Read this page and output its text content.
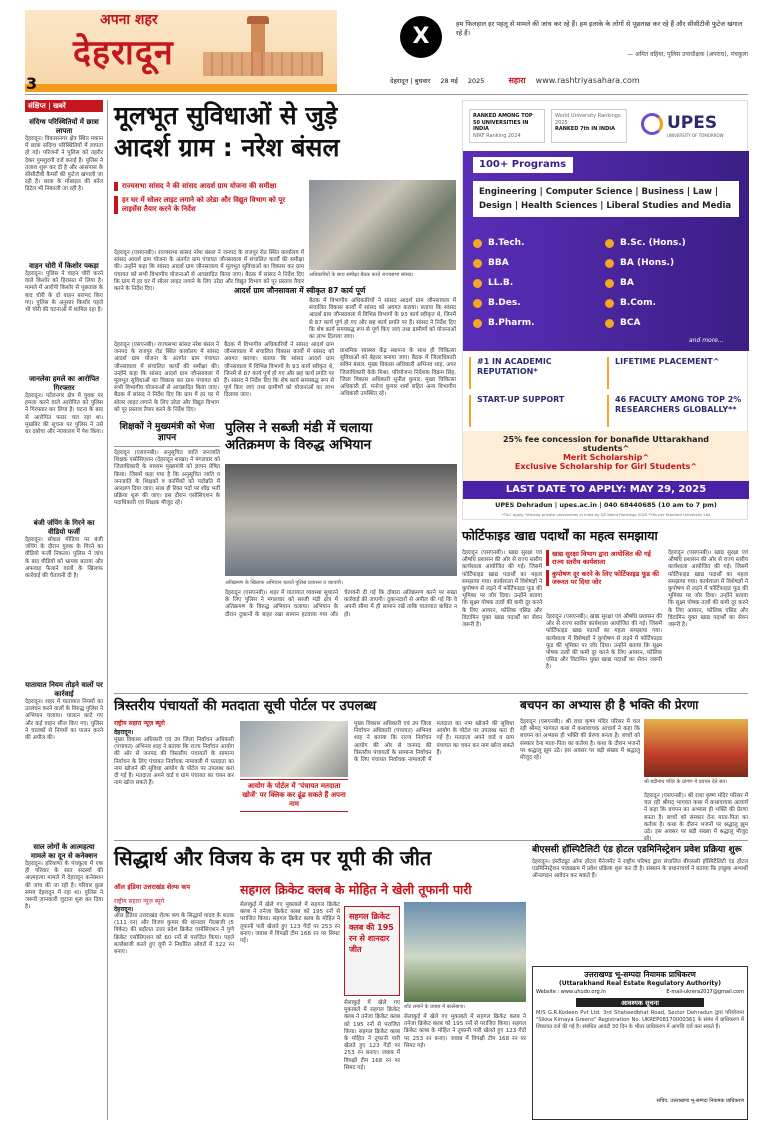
अपना शहर
देहरादून
3
X	हम फिलहाल हर पहलू से मामले की जांच कर रहे हैं। हम इलाके के लोगों से पूछताछ कर रहे हैं और सीसीटीवी फुटेज खंगाल रहे हैं।
— अमित वहिया, पुलिस उपाधीक्षक (अपराध), पंचकूला
देहरादून | बुधवार 28 मई 2025	सहारा www.rashtriyasahara.com
संक्षिप्त | खबरें
संदिग्ध परिस्थितियों में छात्रा लापता
देहरादून। विकासनगर क्षेत्र स्थित मकान में छात्रा संदिग्ध परिस्थितियों में लापता हो गई। परिजनों ने पुलिस को तहरीर देकर गुमशुदगी दर्ज कराई है। पुलिस ने तलाश शुरू कर दी है और आसपास के सीसीटीवी कैमरों की फुटेज खंगाली जा रही है। छात्रा के मोबाइल की कॉल डिटेल भी निकाली जा रही है।
वाहन चोरी में किशोर पकड़ा
देहरादून। पुलिस ने वाहन चोरी करने वाले किशोर को हिरासत में लिया है। मामले में आरोपी किशोर से पूछताछ के बाद चोरी के दो वाहन बरामद किए गए। पुलिस के अनुसार किशोर पहले भी चोरी की घटनाओं में शामिल रहा है।
जानलेवा हमले का आरोपित गिरफ्तार
देहरादून। पटेलनगर क्षेत्र में युवक पर हमला करने वाले आरोपित को पुलिस ने गिरफ्तार कर लिया है। घटना के बाद से आरोपित फरार चल रहा था। मुखबिर की सूचना पर पुलिस ने उसे धर दबोचा और न्यायालय में पेश किया।
बंजी जंपिंग के गिरने का वीडियो फर्जी
देहरादून। सोशल मीडिया पर बंजी जंपिंग के दौरान युवक के गिरने का वीडियो फर्जी निकला। पुलिस ने जांच के बाद वीडियो को भ्रामक बताया और अफवाह फैलाने वालों के खिलाफ कार्रवाई की चेतावनी दी है।
यातायात नियम तोड़ने वालों पर कार्रवाई
देहरादून। शहर में यातायात नियमों का उल्लंघन करने वालों के विरुद्ध पुलिस ने अभियान चलाया। चालान काटे गए और कई वाहन सीज किए गए। पुलिस ने चालकों से नियमों का पालन करने की अपील की।
साल लोगों के आत्महत्या मामले का दून से कनेक्शन
देहरादून। हरियाणा के पंचकूला में एक ही परिवार के सात सदस्यों की आत्महत्या मामले में देहरादून कनेक्शन की जांच की जा रही है। परिवार कुछ समय देहरादून में रहा था। पुलिस ने जरूरी जानकारी जुटाना शुरू कर दिया है।
मूलभूत सुविधाओं से जुड़े
आदर्श ग्राम : नरेश बंसल
राज्यसभा सांसद ने की सांसद आदर्श ग्राम योजना की समीक्षा
हर घर में सोलर लाइट लगाने को उरेडा और विद्युत विभाग को पूर लाइसेंस तैयार करने के निर्देश
अधिकारियों के साथ समीक्षा बैठक करते राज्यसभा सांसद।
देहरादून (एसएनबी)। राज्यसभा सांसद नरेश बंसल ने जनपद के राजपुर रोड स्थित कार्यालय में सांसद आदर्श ग्राम योजना के अंतर्गत ग्राम पंचायत जौनसावला में संचालित कार्यों की समीक्षा की। उन्होंने कहा कि सांसद आदर्श ग्राम जौनसावला में मूलभूत सुविधाओं का विकास कर ग्राम पंचायत को सभी विभागीय योजनाओं से आच्छादित किया जाए। बैठक में सांसद ने निर्देश दिए कि ग्राम में हर घर में सोलर लाइट लगाने के लिए उरेडा और विद्युत विभाग को पूर प्रस्ताव तैयार करने के निर्देश दिए।	आदर्श ग्राम जौनसावला में स्वीकृत 87 कार्य पूर्ण
बैठक में विभागीय अधिकारियों ने सांसद आदर्श ग्राम जौनसावला में संचालित विकास कार्यों में सांसद को अवगत कराया। बताया कि सांसद आदर्श ग्राम जौनसावला में विभिन्न विभागों के 93 कार्य स्वीकृत थे, जिनमें से 87 कार्य पूर्ण हो गए और छह कार्य प्रगति पर हैं। सांसद ने निर्देश दिए कि शेष कार्य समयबद्ध रूप से पूर्ण किए जाएं तथा ग्रामीणों को योजनाओं का लाभ दिलाया जाए।
देहरादून (एसएनबी)। राज्यसभा सांसद नरेश बंसल ने जनपद के राजपुर रोड स्थित कार्यालय में सांसद आदर्श ग्राम योजना के अंतर्गत ग्राम पंचायत जौनसावला में संचालित कार्यों की समीक्षा की। उन्होंने कहा कि सांसद आदर्श ग्राम जौनसावला में मूलभूत सुविधाओं का विकास कर ग्राम पंचायत को सभी विभागीय योजनाओं से आच्छादित किया जाए। बैठक में सांसद ने निर्देश दिए कि ग्राम में हर घर में सोलर लाइट लगाने के लिए उरेडा और विद्युत विभाग को पूर प्रस्ताव तैयार करने के निर्देश दिए।
बैठक में विभागीय अधिकारियों ने सांसद आदर्श ग्राम जौनसावला में संचालित विकास कार्यों में सांसद को अवगत कराया। बताया कि सांसद आदर्श ग्राम जौनसावला में विभिन्न विभागों के 93 कार्य स्वीकृत थे, जिनमें से 87 कार्य पूर्ण हो गए और छह कार्य प्रगति पर हैं। सांसद ने निर्देश दिए कि शेष कार्य समयबद्ध रूप से पूर्ण किए जाएं तथा ग्रामीणों को योजनाओं का लाभ दिलाया जाए।
प्राथमिक स्वास्थ्य केंद्र स्थापना के साथ ही चिकित्सा सुविधाओं को बेहतर बनाया जाए। बैठक में जिलाधिकारी सविन बंसल, मुख्य विकास अधिकारी अभिनव शाह, अपर जिलाधिकारी केके मिश्रा, परियोजना निदेशक विक्रम सिंह, जिला विकास अधिकारी सुनील कुमार, मुख्य चिकित्सा अधिकारी डॉ. मनोज कुमार शर्मा सहित अन्य विभागीय अधिकारी उपस्थित रहे।
RANKED AMONG TOP 50 UNIVERSITIES IN INDIA
NIRF Ranking 2024
World University Rankings 2025
RANKED 7th IN INDIA	UPES
UNIVERSITY OF TOMORROW
100+ Programs
Engineering | Computer Science | Business | Law | Design | Health Sciences | Liberal Studies and Media
B.Tech.
BBA
LL.B.
B.Des.
B.Pharm.
B.Sc. (Hons.)
BA (Hons.)
BA
B.Com.
BCA
and more...
#1 IN ACADEMIC REPUTATION*
LIFETIME PLACEMENT^
START-UP SUPPORT	46 FACULTY AMONG TOP 2% RESEARCHERS GLOBALLY**
25% fee concession for bonafide Uttarakhand students^
Merit Scholarship^
Exclusive Scholarship for Girl Students^
LAST DATE TO APPLY: MAY 29, 2025
UPES Dehradun | upes.ac.in | 040 68440685 (10 am to 7 pm)
*T&C apply. *Among private universities in India by QS World Rankings 2025 **As per Stanford University List
शिक्षकों ने मुख्यमंत्री को भेजा ज्ञापन
देहरादून (एसएनबी)। अनुसूचित जाति जनजाति शिक्षक एसोसिएशन (देहरादून शाखा) ने मंगलवार को जिलाधिकारी के माध्यम मुख्यमंत्री को ज्ञापन प्रेषित किया। जिसमें कहा गया है कि अनुसूचित जाति व जनजाति के शिक्षकों व कार्मिकों को पदोन्नति में आरक्षण दिया जाए। साथ ही रिक्त पदों पर शीघ्र भर्ती प्रक्रिया शुरू की जाए। इस दौरान एसोसिएशन के पदाधिकारी एवं शिक्षक मौजूद रहे।
पुलिस ने सब्जी मंडी में चलाया
अतिक्रमण के विरुद्ध अभियान
अतिक्रमण के खिलाफ अभियान चलाते पुलिस प्रशासन व व्यापारी।
देहरादून (एसएनबी)। शहर में यातायात व्यवस्था सुधारने के लिए पुलिस ने मंगलवार को सब्जी मंडी क्षेत्र में अतिक्रमण के विरुद्ध अभियान चलाया। अभियान के दौरान दुकानों के बाहर रखा सामान हटवाया गया और चेतावनी दी गई कि दोबारा अतिक्रमण करने पर सख्त कार्रवाई की जाएगी। दुकानदारों से अपील की गई कि वे अपनी सीमा में ही सामान रखें ताकि यातायात बाधित न हो।
फोर्टिफाइड खाद्य पदार्थों का महत्व समझाया
खाद्य सुरक्षा विभाग द्वारा आयोजित की गई राज्य स्तरीय कार्यशाला
कुपोषण दूर करने के लिए फोर्टिफाइड फूड की जरूरत पर दिया जोर
देहरादून (एसएनबी)। खाद्य सुरक्षा एवं औषधि प्रशासन की ओर से राज्य स्तरीय कार्यशाला आयोजित की गई। जिसमें फोर्टिफाइड खाद्य पदार्थों का महत्व समझाया गया। कार्यशाला में विशेषज्ञों ने कुपोषण से लड़ने में फोर्टिफाइड फूड की भूमिका पर जोर दिया। उन्होंने बताया कि सूक्ष्म पोषक तत्वों की कमी दूर करने के लिए आयरन, फोलिक एसिड और विटामिन युक्त खाद्य पदार्थों का सेवन जरूरी है।
देहरादून (एसएनबी)। खाद्य सुरक्षा एवं औषधि प्रशासन की ओर से राज्य स्तरीय कार्यशाला आयोजित की गई। जिसमें फोर्टिफाइड खाद्य पदार्थों का महत्व समझाया गया। कार्यशाला में विशेषज्ञों ने कुपोषण से लड़ने में फोर्टिफाइड फूड की भूमिका पर जोर दिया। उन्होंने बताया कि सूक्ष्म पोषक तत्वों की कमी दूर करने के लिए आयरन, फोलिक एसिड और विटामिन युक्त खाद्य पदार्थों का सेवन जरूरी है।
देहरादून (एसएनबी)। खाद्य सुरक्षा एवं औषधि प्रशासन की ओर से राज्य स्तरीय कार्यशाला आयोजित की गई। जिसमें फोर्टिफाइड खाद्य पदार्थों का महत्व समझाया गया। कार्यशाला में विशेषज्ञों ने कुपोषण से लड़ने में फोर्टिफाइड फूड की भूमिका पर जोर दिया। उन्होंने बताया कि सूक्ष्म पोषक तत्वों की कमी दूर करने के लिए आयरन, फोलिक एसिड और विटामिन युक्त खाद्य पदार्थों का सेवन जरूरी है।
त्रिस्तरीय पंचायतों की मतदाता सूची पोर्टल पर उपलब्ध
राष्ट्रीय सहारा न्यूज़ ब्यूरो
देहरादून।
मुख्य विकास अधिकारी एवं उप जिला निर्वाचन अधिकारी (पंचायत) अभिनव शाह ने बताया कि राज्य निर्वाचन आयोग की ओर से जनपद की त्रिस्तरीय पंचायतों के सामान्य निर्वाचन के लिए पंचायत निर्वाचक नामावली में मतदाता का नाम खोजने की सुविधा आयोग के पोर्टल पर उपलब्ध करा दी गई है। मतदाता अपने वार्ड व ग्राम पंचायत का चयन कर नाम खोज सकते हैं।	आयोग के पोर्टल में 'पंचायत मतदाता खोजें' पर क्लिक कर ढूंढ सकते हैं अपना नाम
मुख्य विकास अधिकारी एवं उप जिला निर्वाचन अधिकारी (पंचायत) अभिनव शाह ने बताया कि राज्य निर्वाचन आयोग की ओर से जनपद की त्रिस्तरीय पंचायतों के सामान्य निर्वाचन के लिए पंचायत निर्वाचक नामावली में मतदाता का नाम खोजने की सुविधा आयोग के पोर्टल पर उपलब्ध करा दी गई है। मतदाता अपने वार्ड व ग्राम पंचायत का चयन कर नाम खोज सकते हैं।
बचपन का अभ्यास ही है भक्ति की प्रेरणा
देहरादून (एसएनबी)। श्री राधा कृष्ण मंदिर परिसर में चल रही श्रीमद् भागवत कथा में कथावाचक आचार्य ने कहा कि बचपन का अभ्यास ही भक्ति की प्रेरणा बनता है। बच्चों को संस्कार देना माता-पिता का कर्तव्य है। कथा के दौरान भजनों पर श्रद्धालु झूम उठे। इस अवसर पर बड़ी संख्या में श्रद्धालु मौजूद रहे।
श्री बद्रीनाथ मंदिर के प्रांगण में प्रवचन देते संत।
देहरादून (एसएनबी)। श्री राधा कृष्ण मंदिर परिसर में चल रही श्रीमद् भागवत कथा में कथावाचक आचार्य ने कहा कि बचपन का अभ्यास ही भक्ति की प्रेरणा बनता है। बच्चों को संस्कार देना माता-पिता का कर्तव्य है। कथा के दौरान भजनों पर श्रद्धालु झूम उठे। इस अवसर पर बड़ी संख्या में श्रद्धालु मौजूद
सिद्धार्थ और विजय के दम पर यूपी की जीत
ऑल इंडिया उत्तराखंड शेल्फ कप
राष्ट्रीय सहारा न्यूज़ ब्यूरो
देहरादून।
ऑल इंडिया उत्तराखंड शेल्फ कप के सिद्धार्थ यादव के शतक (111 रन) और विजय कुमार की शानदार गेंदबाजी (5 विकेट) की बदौलत उत्तर प्रदेश क्रिकेट एसोसिएशन ने पुणे क्रिकेट एसोसिएशन को 60 रनों से पराजित किया। पहले बल्लेबाजी करते हुए यूपी ने निर्धारित ओवरों में 322 रन बनाए।
सहगल क्रिकेट क्लब के मोहित ने खेली तूफानी पारी
सेलाकुई में खेले गए मुकाबले में सहगल क्रिकेट क्लब ने तनेजा क्रिकेट क्लब को 195 रनों से पराजित किया। सहगल क्रिकेट क्लब के मोहित ने तूफानी पारी खेलते हुए 123 गेंदों पर 253 रन बनाए। जवाब में विपक्षी टीम 168 रन पर सिमट गई।
सहगल क्रिकेट क्लब की 195 रन से शानदार जीत
शॉट लगाने के प्रयास में बल्लेबाज।
सेलाकुई में खेले गए मुकाबले में सहगल क्रिकेट क्लब ने तनेजा क्रिकेट क्लब को 195 रनों से पराजित किया। सहगल क्रिकेट क्लब के मोहित ने तूफानी पारी खेलते हुए 123 गेंदों पर 253 रन बनाए। जवाब में विपक्षी टीम 168 रन पर सिमट गई।
सेलाकुई में खेले गए मुकाबले में सहगल क्रिकेट क्लब ने तनेजा क्रिकेट क्लब को 195 रनों से पराजित किया। सहगल क्रिकेट क्लब के मोहित ने तूफानी पारी खेलते हुए 123 गेंदों पर 253 रन बनाए। जवाब में विपक्षी टीम 168 रन पर सिमट गई।
बीएससी हॉस्पिटैलिटी एंड होटल एडमिनिस्ट्रेशन प्रवेश प्रक्रिया शुरू
देहरादून। इंस्टीट्यूट ऑफ होटल मैनेजमेंट ने राष्ट्रीय परिषद द्वारा संचालित बीएससी हॉस्पिटैलिटी एंड होटल एडमिनिस्ट्रेशन पाठ्यक्रम में प्रवेश प्रक्रिया शुरू कर दी है। संस्थान के प्रधानाचार्य ने बताया कि इच्छुक अभ्यर्थी ऑनलाइन आवेदन कर सकते हैं।
उत्तराखण्ड भू-सम्पदा नियामक प्राधिकरण
(Uttarakhand Real Estate Regulatory Authority)
Website : www.uhudo.org.in	E-mail-ukrera2017@gmail.com
आवश्यक सूचना
M/S G.R.Kodeen Pvt Ltd. 3rd Shaheedbhat Road, Sector Dehradun द्वारा परियोजना "Sikka Kimaya Greens" Registration No. UKREP08170000361 के संबंध में प्राधिकरण में शिकायत दर्ज की गई है। संबंधित आवंटी 30 दिन के भीतर प्राधिकरण में आपत्ति दर्ज करा सकते हैं।
सचिव, उत्तराखण्ड भू-सम्पदा नियामक प्राधिकरण
